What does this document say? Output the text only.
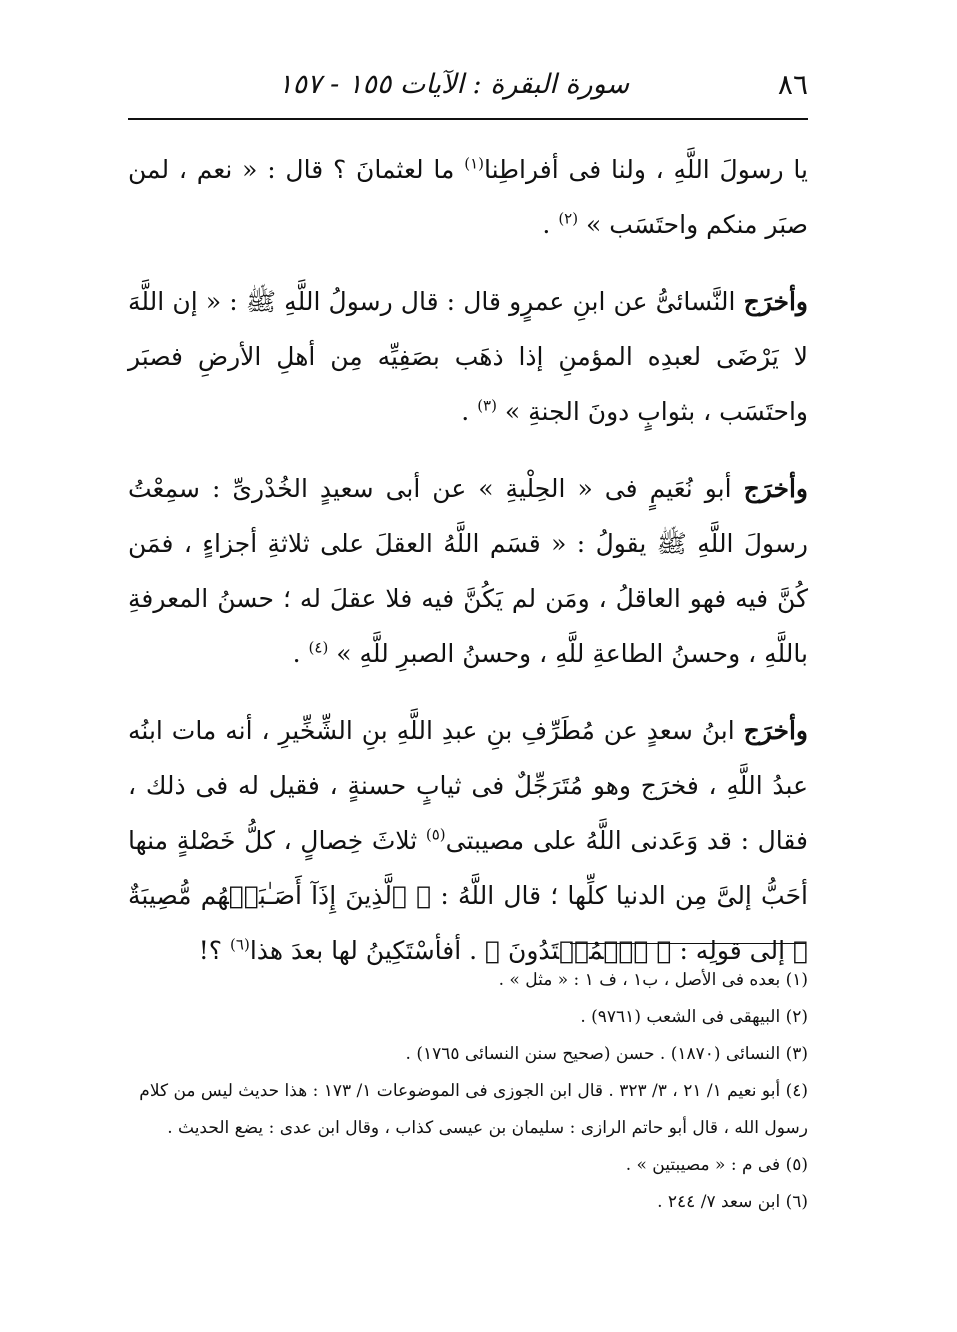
٨٦
سورة البقرة : الآيات ١٥٥ - ١٥٧

يا رسولَ اللَّهِ ، ولنا فى أفراطِنا$^{(١)}$ ما لعثمانَ ؟ قال : « نعم ، لمن صبَر منكم واحتَسَب » $^{(٢)}$ .

وأخرَج النَّسائىُّ عن ابنِ عمرٍو قال : قال رسولُ اللَّهِ ﷺ : « إن اللَّهَ لا يَرْضَى لعبدِه المؤمنِ إذا ذهَب بصَفِيِّه مِن أهلِ الأرضِ فصبَر واحتَسَب ، بثوابٍ دونَ الجنةِ » $^{(٣)}$ .

وأخرَج أبو نُعَيمٍ فى « الحِلْيةِ » عن أبى سعيدٍ الخُدْرىِّ : سمِعْتُ رسولَ اللَّهِ ﷺ يقولُ : « قسَم اللَّهُ العقلَ على ثلاثةِ أجزاءٍ ، فمَن كُنَّ فيه فهو العاقلُ ، ومَن لم يَكُنَّ فيه فلا عقلَ له ؛ حسنُ المعرفةِ باللَّهِ ، وحسنُ الطاعةِ للَّهِ ، وحسنُ الصبرِ للَّهِ » $^{(٤)}$ .

وأخرَج ابنُ سعدٍ عن مُطَرِّفِ بنِ عبدِ اللَّهِ بنِ الشِّخِّيرِ ، أنه مات ابنُه عبدُ اللَّهِ ، فخرَج وهو مُتَرَجِّلٌ فى ثيابٍ حسنةٍ ، فقيل له فى ذلك ، فقال : قد وَعَدنى اللَّهُ على مصيبتى$^{(٥)}$ ثلاثَ خِصالٍ ، كلُّ خَصْلةٍ منها أحَبُّ إلىَّ مِن الدنيا كلِّها ؛ قال اللَّهُ : ﴿ ٱلَّذِينَ إِذَآ أَصَـٰبَتۡهُم مُّصِيبَةٌ ﴾ إلى قولِه : ﴿ ٱلۡمُهۡتَدُونَ ﴾ . أفأسْتَكِينُ لها بعدَ هذا$^{(٦)}$ ؟!

(١) بعده فى الأصل ، ب١ ، ف ١ : « مثل » .

(٢) البيهقى فى الشعب (٩٧٦١) .

(٣) النسائى (١٨٧٠) . حسن (صحيح سنن النسائى ١٧٦٥) .

(٤) أبو نعيم ١/ ٢١ ، ٣/ ٣٢٣ . قال ابن الجوزى فى الموضوعات ١/ ١٧٣ : هذا حديث ليس من كلام رسول الله ، قال أبو حاتم الرازى : سليمان بن عيسى كذاب ، وقال ابن عدى : يضع الحديث .

(٥) فى م : « مصيبتين » .

(٦) ابن سعد ٧/ ٢٤٤ .
